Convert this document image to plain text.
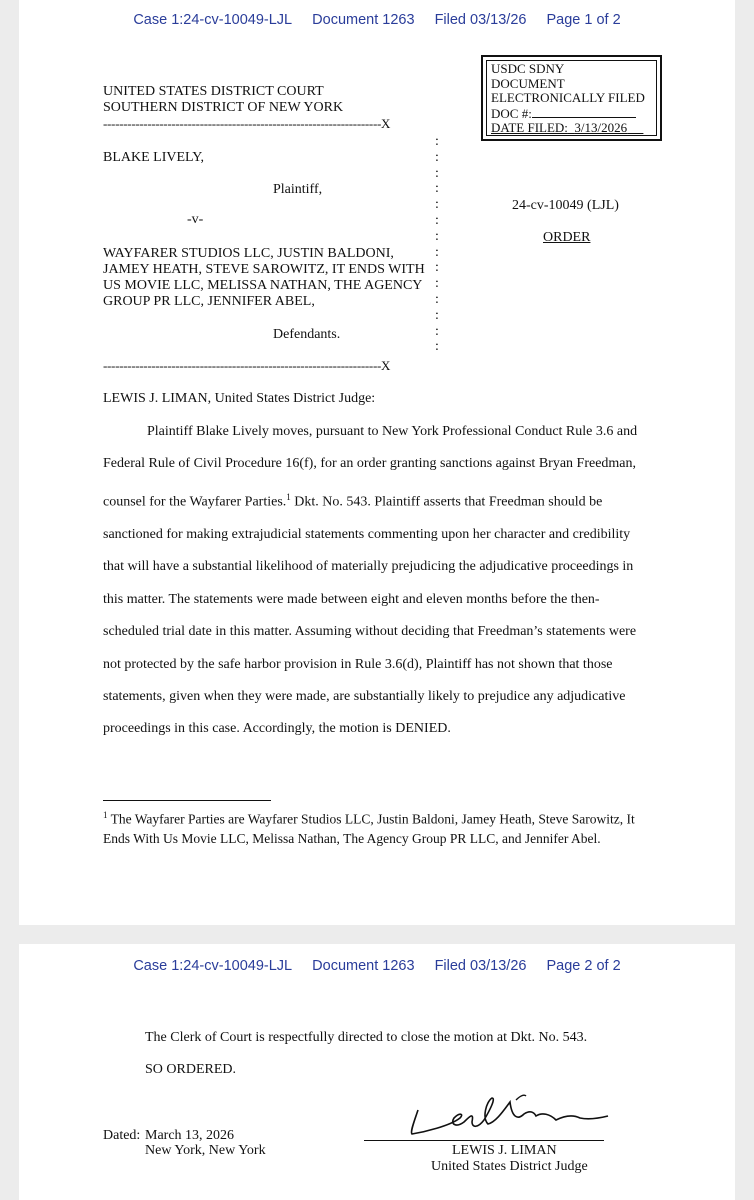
Case 1:24-cv-10049-LJL Document 1263 Filed 03/13/26 Page 1 of 2
UNITED STATES DISTRICT COURT
SOUTHERN DISTRICT OF NEW YORK
USDC SDNY
DOCUMENT
ELECTRONICALLY FILED
DOC #:
DATE FILED: 3/13/2026
---------------------------------------------------------------------X
BLAKE LIVELY,
Plaintiff,
-v-
WAYFARER STUDIOS LLC, JUSTIN BALDONI,
JAMEY HEATH, STEVE SAROWITZ, IT ENDS WITH
US MOVIE LLC, MELISSA NATHAN, THE AGENCY
GROUP PR LLC, JENNIFER ABEL,
Defendants.
---------------------------------------------------------------------X
:
:
:
:
:
:
:
:
:
:
:
:
:
:
24-cv-10049 (LJL)
ORDER
LEWIS J. LIMAN, United States District Judge:
Plaintiff Blake Lively moves, pursuant to New York Professional Conduct Rule 3.6 and Federal Rule of Civil Procedure 16(f), for an order granting sanctions against Bryan Freedman, counsel for the Wayfarer Parties.$^1$ Dkt. No. 543. Plaintiff asserts that Freedman should be sanctioned for making extrajudicial statements commenting upon her character and credibility that will have a substantial likelihood of materially prejudicing the adjudicative proceedings in this matter. The statements were made between eight and eleven months before the then-scheduled trial date in this matter. Assuming without deciding that Freedman’s statements were not protected by the safe harbor provision in Rule 3.6(d), Plaintiff has not shown that those statements, given when they were made, are substantially likely to prejudice any adjudicative proceedings in this case. Accordingly, the motion is DENIED.
$^1$ The Wayfarer Parties are Wayfarer Studios LLC, Justin Baldoni, Jamey Heath, Steve Sarowitz, It Ends With Us Movie LLC, Melissa Nathan, The Agency Group PR LLC, and Jennifer Abel.
Case 1:24-cv-10049-LJL Document 1263 Filed 03/13/26 Page 2 of 2
The Clerk of Court is respectfully directed to close the motion at Dkt. No. 543.
SO ORDERED.
Dated: March 13, 2026
New York, New York	LEWIS J. LIMAN
United States District Judge
